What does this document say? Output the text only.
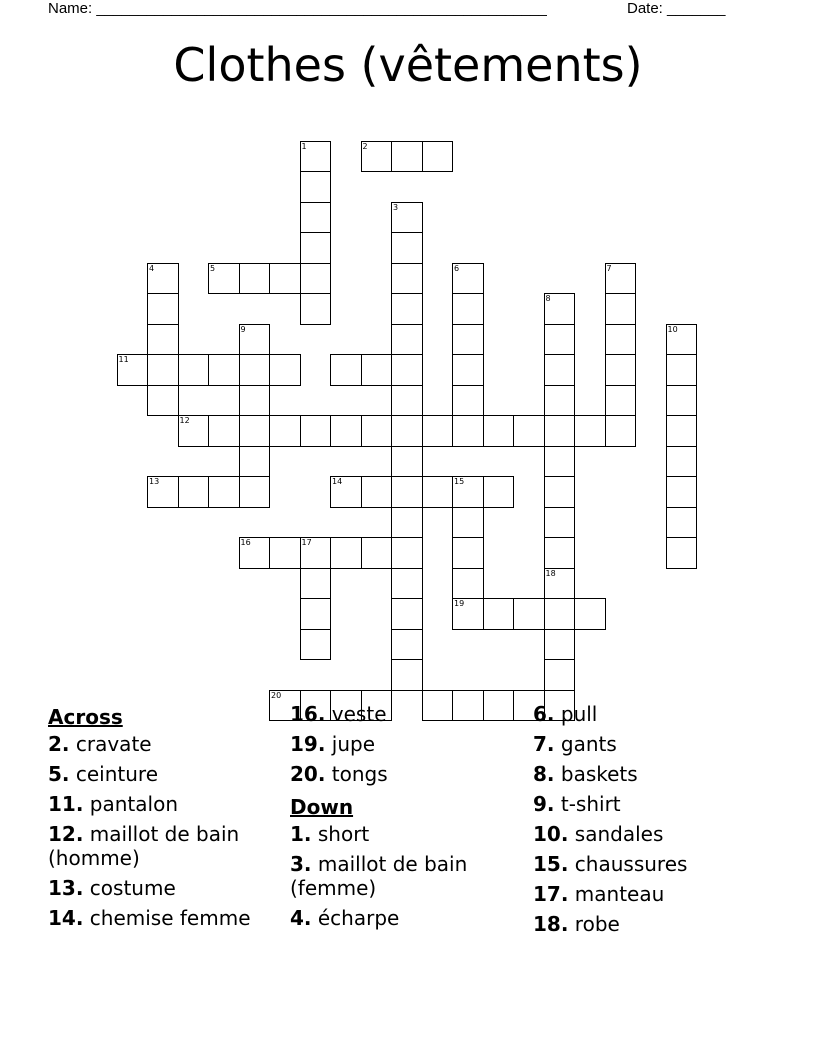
Name: ______________________________________________________	Date: _______
Clothes (vêtements)
1	2
3
4	5	6	7
8
9	10
11
12
13	14	15
16	17
18
19
20
Across
2. cravate
5. ceinture
11. pantalon
12. maillot de bain (homme)
13. costume
14. chemise femme
16. veste
19. jupe
20. tongs
Down
1. short
3. maillot de bain (femme)
4. écharpe
6. pull
7. gants
8. baskets
9. t-shirt
10. sandales
15. chaussures
17. manteau
18. robe
